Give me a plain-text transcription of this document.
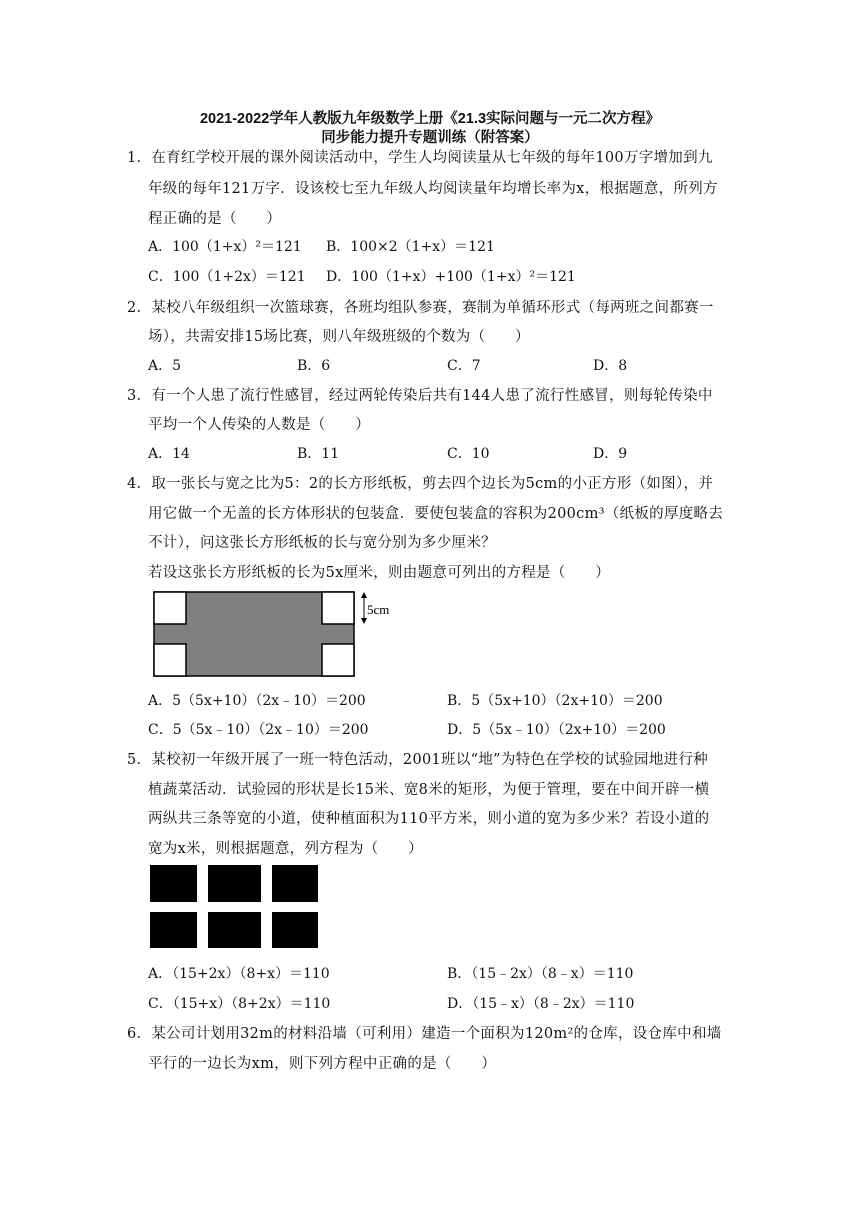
2021-2022学年人教版九年级数学上册《21.3实际问题与一元二次方程》
同步能力提升专题训练（附答案）
1．在育红学校开展的课外阅读活动中，学生人均阅读量从七年级的每年100万字增加到九
年级的每年121万字．设该校七至九年级人均阅读量年均增长率为x，根据题意，所列方
程正确的是（　　）
A．100（1+x）²＝121 B．100×2（1+x）＝121
C．100（1+2x）＝121 D．100（1+x）+100（1+x）²＝121
2．某校八年级组织一次篮球赛，各班均组队参赛，赛制为单循环形式（每两班之间都赛一
场），共需安排15场比赛，则八年级班级的个数为（　　）
A．5	B．6	C．7	D．8
3．有一个人患了流行性感冒，经过两轮传染后共有144人患了流行性感冒，则每轮传染中
平均一个人传染的人数是（　　）
A．14	B．11	C．10	D．9
4．取一张长与宽之比为5：2的长方形纸板，剪去四个边长为5cm的小正方形（如图），并
用它做一个无盖的长方体形状的包装盒．要使包装盒的容积为200cm³（纸板的厚度略去
不计），问这张长方形纸板的长与宽分别为多少厘米？
若设这张长方形纸板的长为5x厘米，则由题意可列出的方程是（　　）
5cm
A．5（5x+10）（2x﹣10）＝200	B．5（5x+10）（2x+10）＝200
C．5（5x﹣10）（2x﹣10）＝200	D．5（5x﹣10）（2x+10）＝200
5．某校初一年级开展了一班一特色活动，2001班以“地”为特色在学校的试验园地进行种
植蔬菜活动．试验园的形状是长15米、宽8米的矩形，为便于管理，要在中间开辟一横
两纵共三条等宽的小道，使种植面积为110平方米，则小道的宽为多少米？若设小道的
宽为x米，则根据题意，列方程为（　　）
A．（15+2x）（8+x）＝110	B．（15﹣2x）（8﹣x）＝110
C．（15+x）（8+2x）＝110	D．（15﹣x）（8﹣2x）＝110
6．某公司计划用32m的材料沿墙（可利用）建造一个面积为120m²的仓库，设仓库中和墙
平行的一边长为xm，则下列方程中正确的是（　　）
